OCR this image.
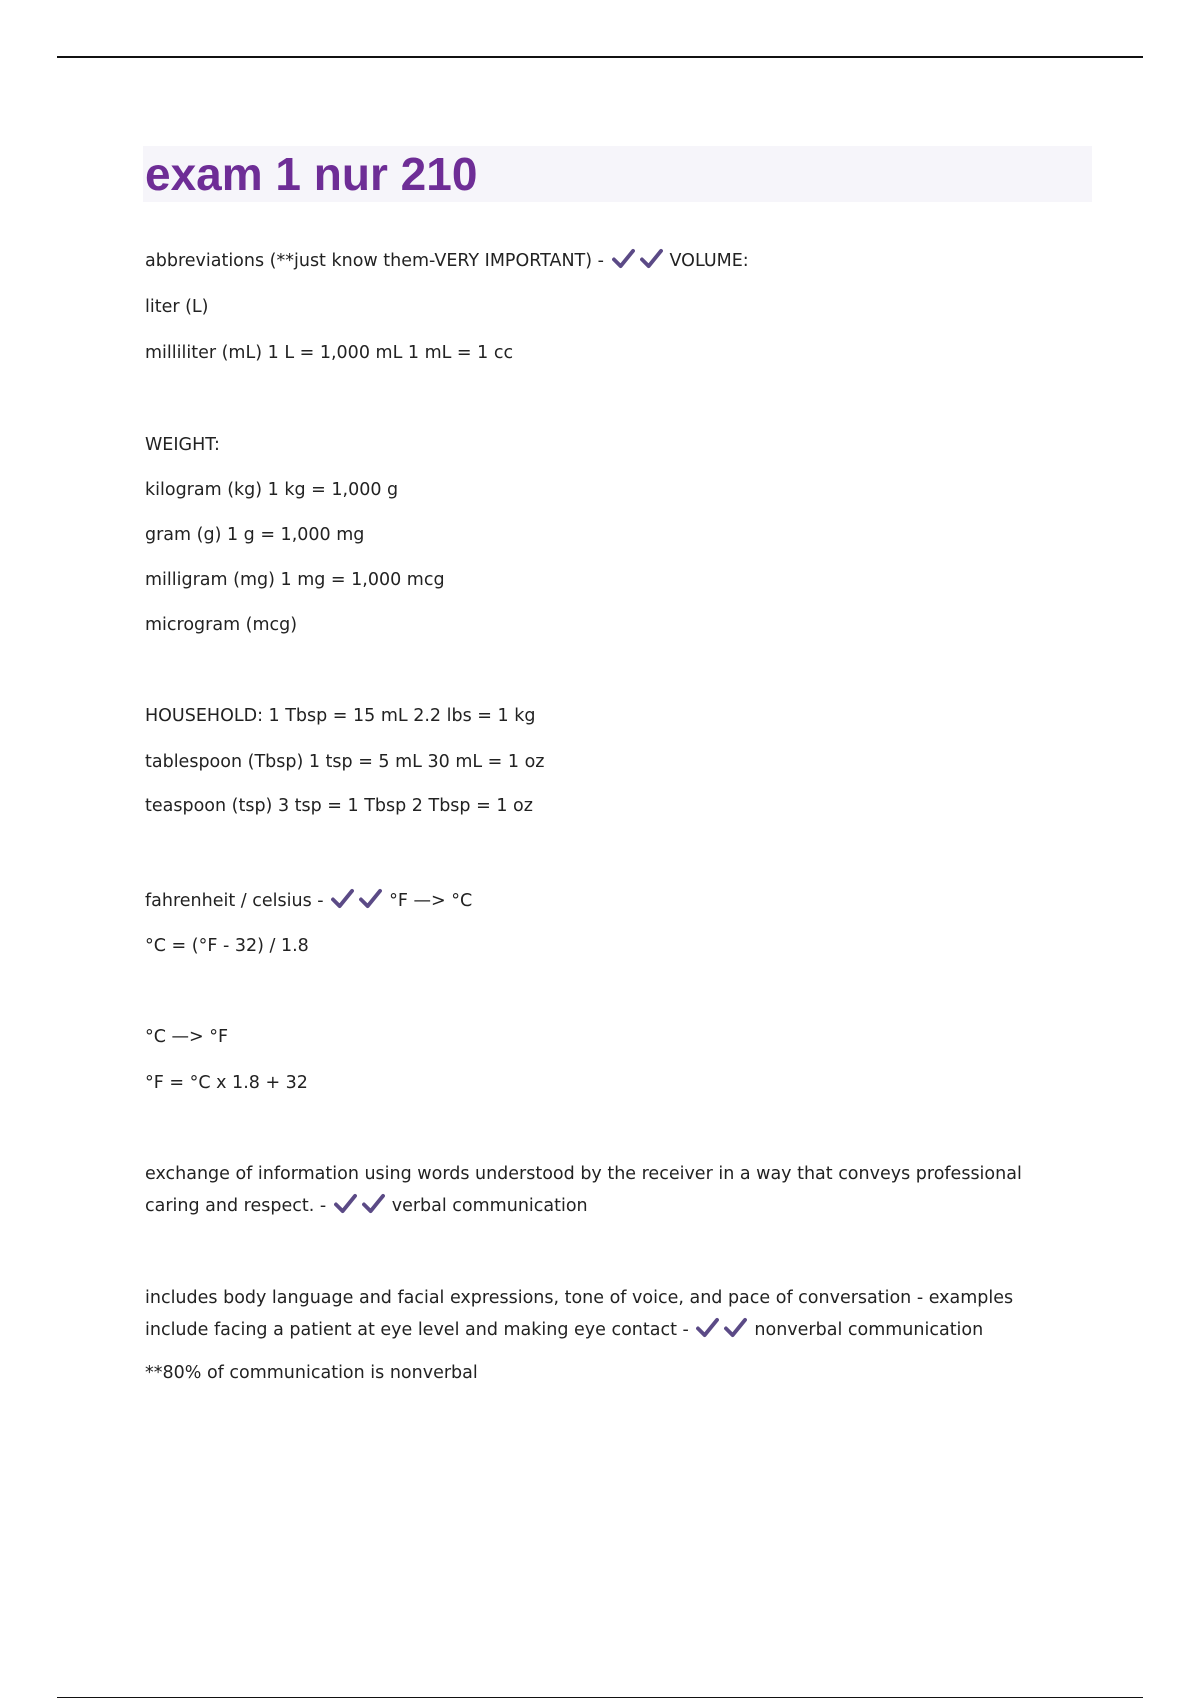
exam 1 nur 210

abbreviations (**just know them-VERY IMPORTANT) -	VOLUME:

liter (L)

milliliter (mL) 1 L = 1,000 mL 1 mL = 1 cc

WEIGHT:

kilogram (kg) 1 kg = 1,000 g

gram (g) 1 g = 1,000 mg

milligram (mg) 1 mg = 1,000 mcg

microgram (mcg)

HOUSEHOLD: 1 Tbsp = 15 mL 2.2 lbs = 1 kg

tablespoon (Tbsp) 1 tsp = 5 mL 30 mL = 1 oz

teaspoon (tsp) 3 tsp = 1 Tbsp 2 Tbsp = 1 oz

fahrenheit / celsius -	°F —> °C

°C = (°F - 32) / 1.8

°C —> °F

°F = °C x 1.8 + 32

exchange of information using words understood by the receiver in a way that conveys professional caring and respect. -	verbal communication

includes body language and facial expressions, tone of voice, and pace of conversation - examples include facing a patient at eye level and making eye contact -	nonverbal communication

**80% of communication is nonverbal
